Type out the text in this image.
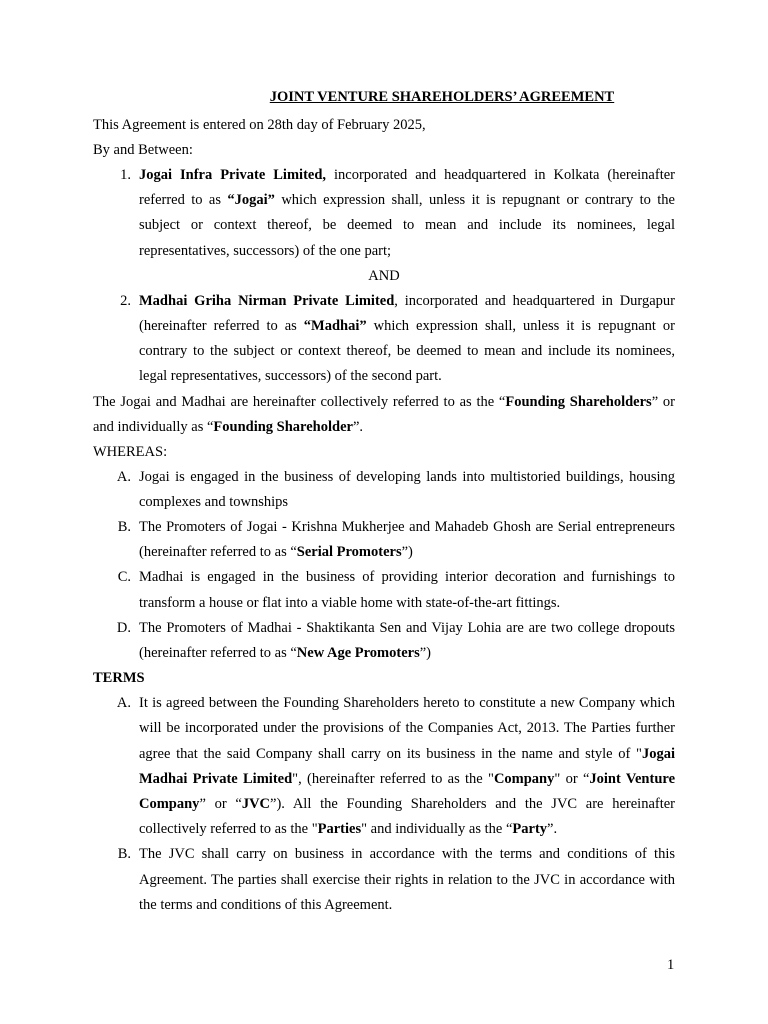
JOINT VENTURE SHAREHOLDERS’ AGREEMENT

This Agreement is entered on 28th day of February 2025,

By and Between:

1. Jogai Infra Private Limited, incorporated and headquartered in Kolkata (hereinafter referred to as “Jogai” which expression shall, unless it is repugnant or contrary to the subject or context thereof, be deemed to mean and include its nominees, legal representatives, successors) of the one part;

AND

2. Madhai Griha Nirman Private Limited, incorporated and headquartered in Durgapur (hereinafter referred to as “Madhai” which expression shall, unless it is repugnant or contrary to the subject or context thereof, be deemed to mean and include its nominees, legal representatives, successors) of the second part.

The Jogai and Madhai are hereinafter collectively referred to as the “Founding Shareholders” or and individually as “Founding Shareholder”.

WHEREAS:

A. Jogai is engaged in the business of developing lands into multistoried buildings, housing complexes and townships
B. The Promoters of Jogai - Krishna Mukherjee and Mahadeb Ghosh are Serial entrepreneurs (hereinafter referred to as “Serial Promoters”)
C. Madhai is engaged in the business of providing interior decoration and furnishings to transform a house or flat into a viable home with state-of-the-art fittings.
D. The Promoters of Madhai - Shaktikanta Sen and Vijay Lohia are are two college dropouts (hereinafter referred to as “New Age Promoters”)

TERMS

A. It is agreed between the Founding Shareholders hereto to constitute a new Company which will be incorporated under the provisions of the Companies Act, 2013. The Parties further agree that the said Company shall carry on its business in the name and style of "Jogai Madhai Private Limited", (hereinafter referred to as the "Company" or “Joint Venture Company” or “JVC”). All the Founding Shareholders and the JVC are hereinafter collectively referred to as the "Parties" and individually as the “Party”.
B. The JVC shall carry on business in accordance with the terms and conditions of this Agreement. The parties shall exercise their rights in relation to the JVC in accordance with the terms and conditions of this Agreement.
1
